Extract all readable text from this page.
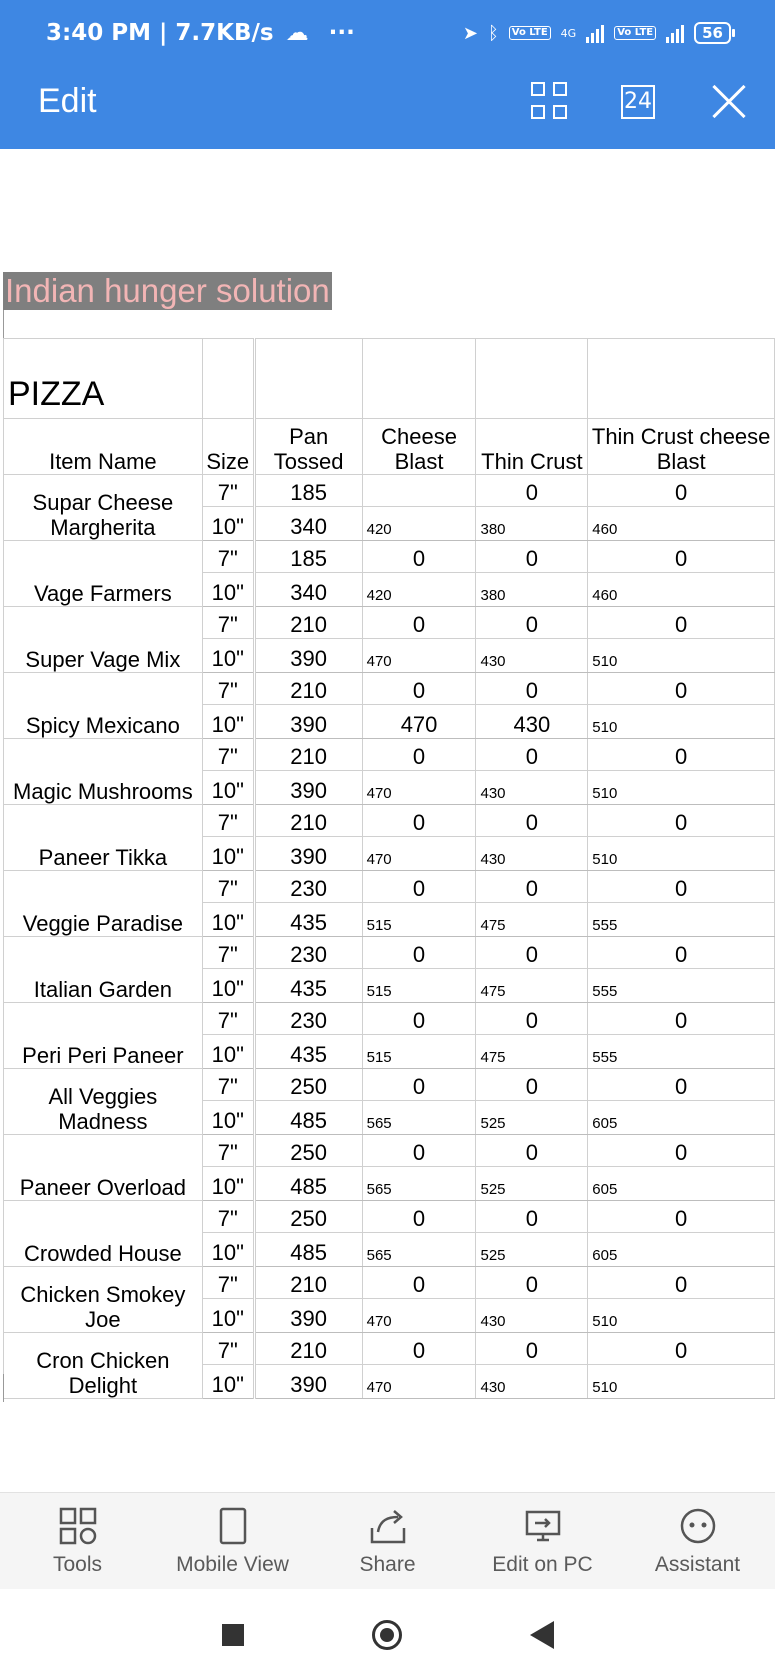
3:40 PM | 7.7KB/s ☁ ···	➤ ᛒ	Vo LTE 4G	Vo LTE	56
Edit	24
Indian hunger solution
PIZZA					
Item Name	Size	Pan Tossed	Cheese Blast	Thin Crust	Thin Crust cheese Blast
Supar Cheese Margherita	7"	185		0	0
	10"	340	420	380	460
Vage Farmers	7"	185	0	0	0
	10"	340	420	380	460
Super Vage Mix	7"	210	0	0	0
	10"	390	470	430	510
Spicy Mexicano	7"	210	0	0	0
	10"	390	470	430	510
Magic Mushrooms	7"	210	0	0	0
	10"	390	470	430	510
Paneer Tikka	7"	210	0	0	0
	10"	390	470	430	510
Veggie Paradise	7"	230	0	0	0
	10"	435	515	475	555
Italian Garden	7"	230	0	0	0
	10"	435	515	475	555
Peri Peri Paneer	7"	230	0	0	0
	10"	435	515	475	555
All Veggies Madness	7"	250	0	0	0
	10"	485	565	525	605
Paneer Overload	7"	250	0	0	0
	10"	485	565	525	605
Crowded House	7"	250	0	0	0
	10"	485	565	525	605
Chicken Smokey Joe	7"	210	0	0	0
	10"	390	470	430	510
Cron Chicken Delight	7"	210	0	0	0
	10"	390	470	430	510
Tools	Mobile View	Share	Edit on PC	Assistant
